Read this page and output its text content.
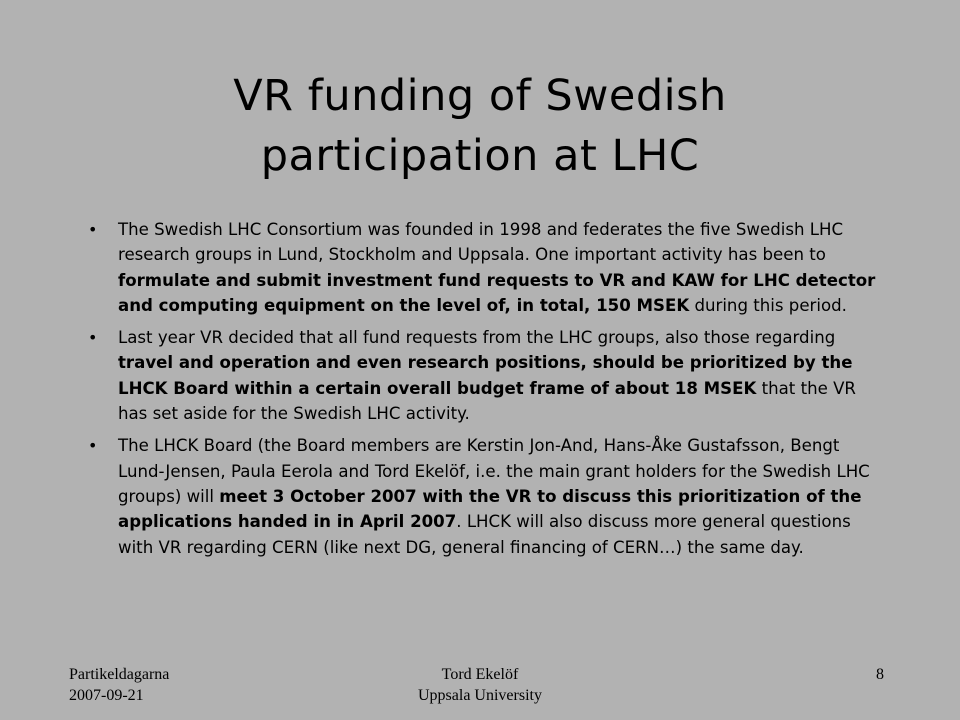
VR funding of Swedish
participation at LHC
• The Swedish LHC Consortium was founded in 1998 and federates the five Swedish LHC research groups in Lund, Stockholm and Uppsala. One important activity has been to formulate and submit investment fund requests to VR and KAW for LHC detector and computing equipment on the level of, in total, 150 MSEK during this period.
• Last year VR decided that all fund requests from the LHC groups, also those regarding travel and operation and even research positions, should be prioritized by the LHCK Board within a certain overall budget frame of about 18 MSEK that the VR has set aside for the Swedish LHC activity.
• The LHCK Board (the Board members are Kerstin Jon-And, Hans-Åke Gustafsson, Bengt Lund-Jensen, Paula Eerola and Tord Ekelöf, i.e. the main grant holders for the Swedish LHC groups) will meet 3 October 2007 with the VR to discuss this prioritization of the applications handed in in April 2007. LHCK will also discuss more general questions with VR regarding CERN (like next DG, general financing of CERN…) the same day.
Partikeldagarna
2007-09-21
Tord Ekelöf
Uppsala University
8
